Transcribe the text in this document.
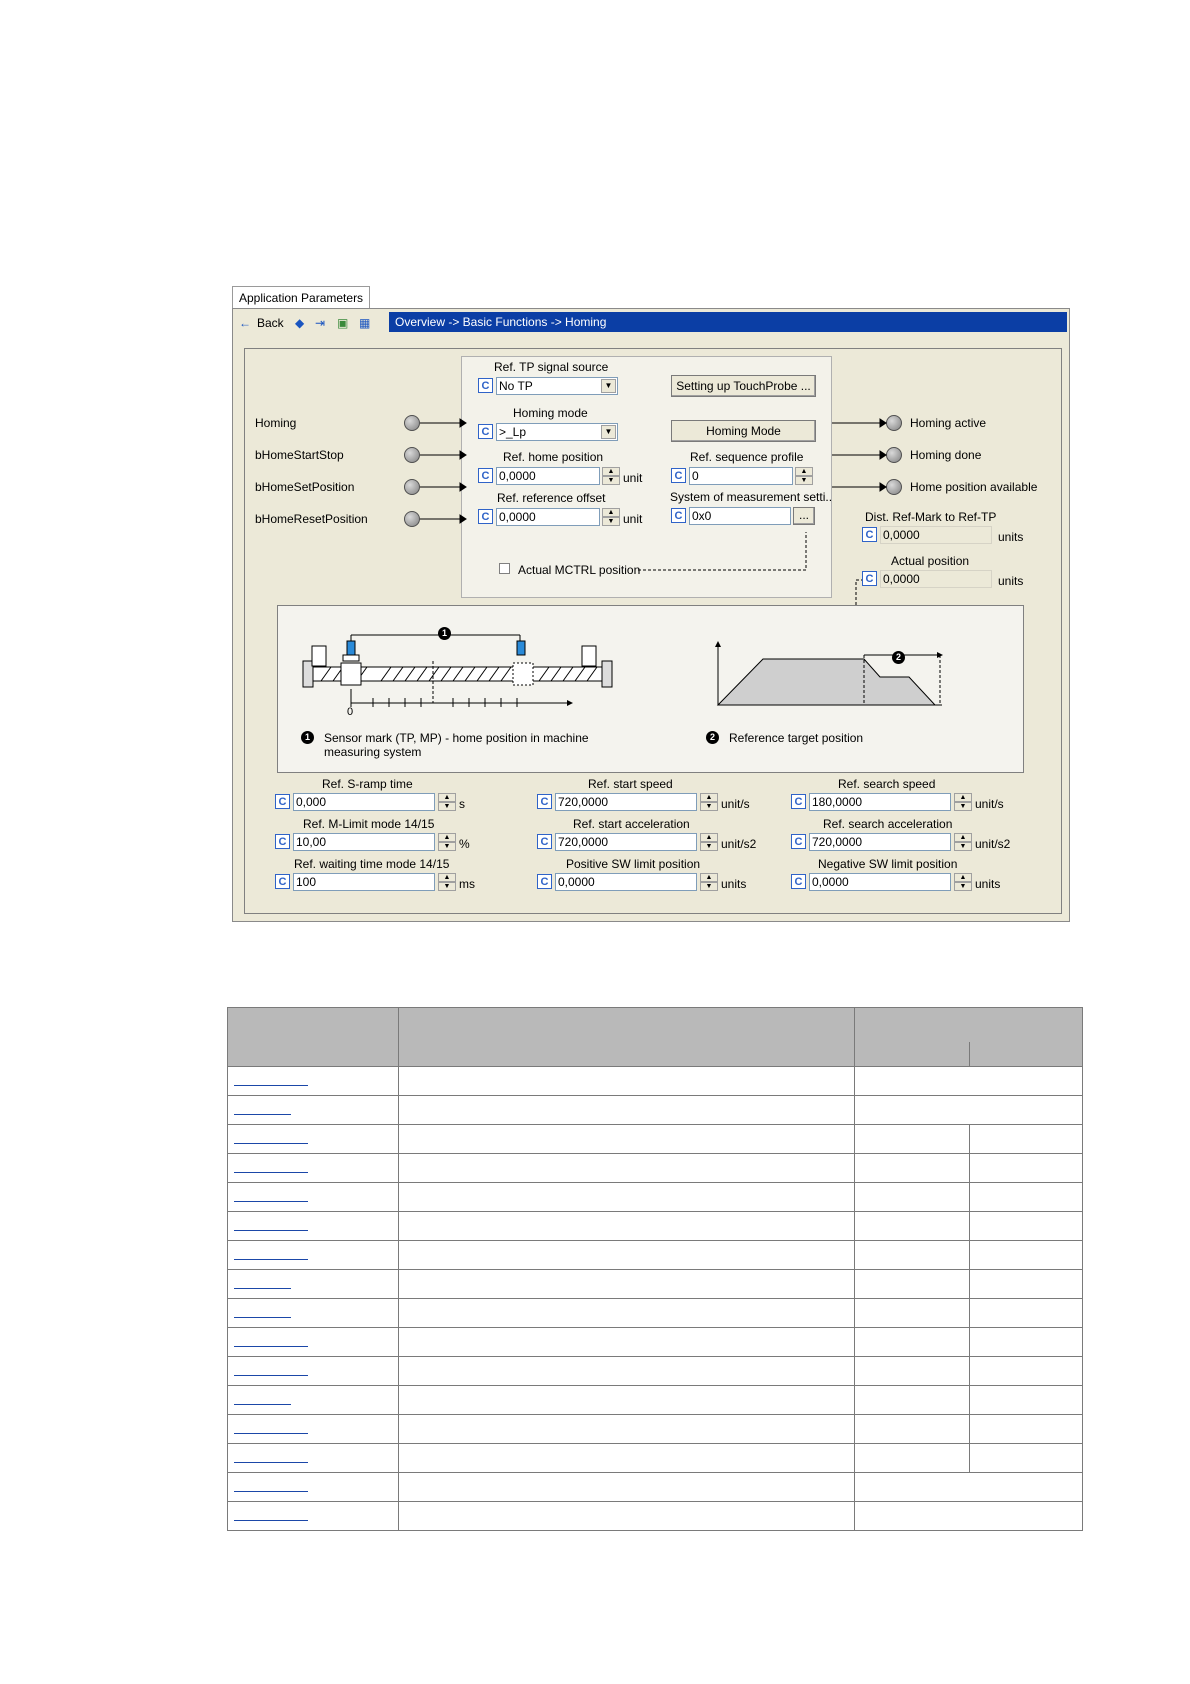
Application Parameters
← Back ◆ ⇥ ▣ ▦	Overview -> Basic Functions -> Homing
Homing
bHomeStartStop
bHomeSetPosition
bHomeResetPosition
Homing active
Homing done
Home position available
Ref. TP signal source
C No TP	▼	Setting up TouchProbe ...
Homing mode
C >_Lp	▼	Homing Mode
Ref. home position
C 0,0000	▲
▼ unit
Ref. sequence profile
C 0	▲
▼
Ref. reference offset
C 0,0000	▲
▼ unit
System of measurement setti..
C 0x0	...
Actual MCTRL position
Dist. Ref-Mark to Ref-TP
C 0,0000	units
Actual position
C 0,0000	units
1
2
0
1	Sensor mark (TP, MP) - home position in machine
measuring system
2	Reference target position
Ref. S-ramp time
C 0,000	▲
▼ s
Ref. start speed
C 720,0000	▲
▼ unit/s
Ref. search speed
C 180,0000	▲
▼ unit/s
Ref. M-Limit mode 14/15
C 10,00	▲
▼ %
Ref. start acceleration
C 720,0000	▲
▼ unit/s2
Ref. search acceleration
C 720,0000	▲
▼ unit/s2
Ref. waiting time mode 14/15
C 100	▲
▼ ms
Positive SW limit position
C 0,0000	▲
▼ units
Negative SW limit position
C 0,0000	▲
▼ units
